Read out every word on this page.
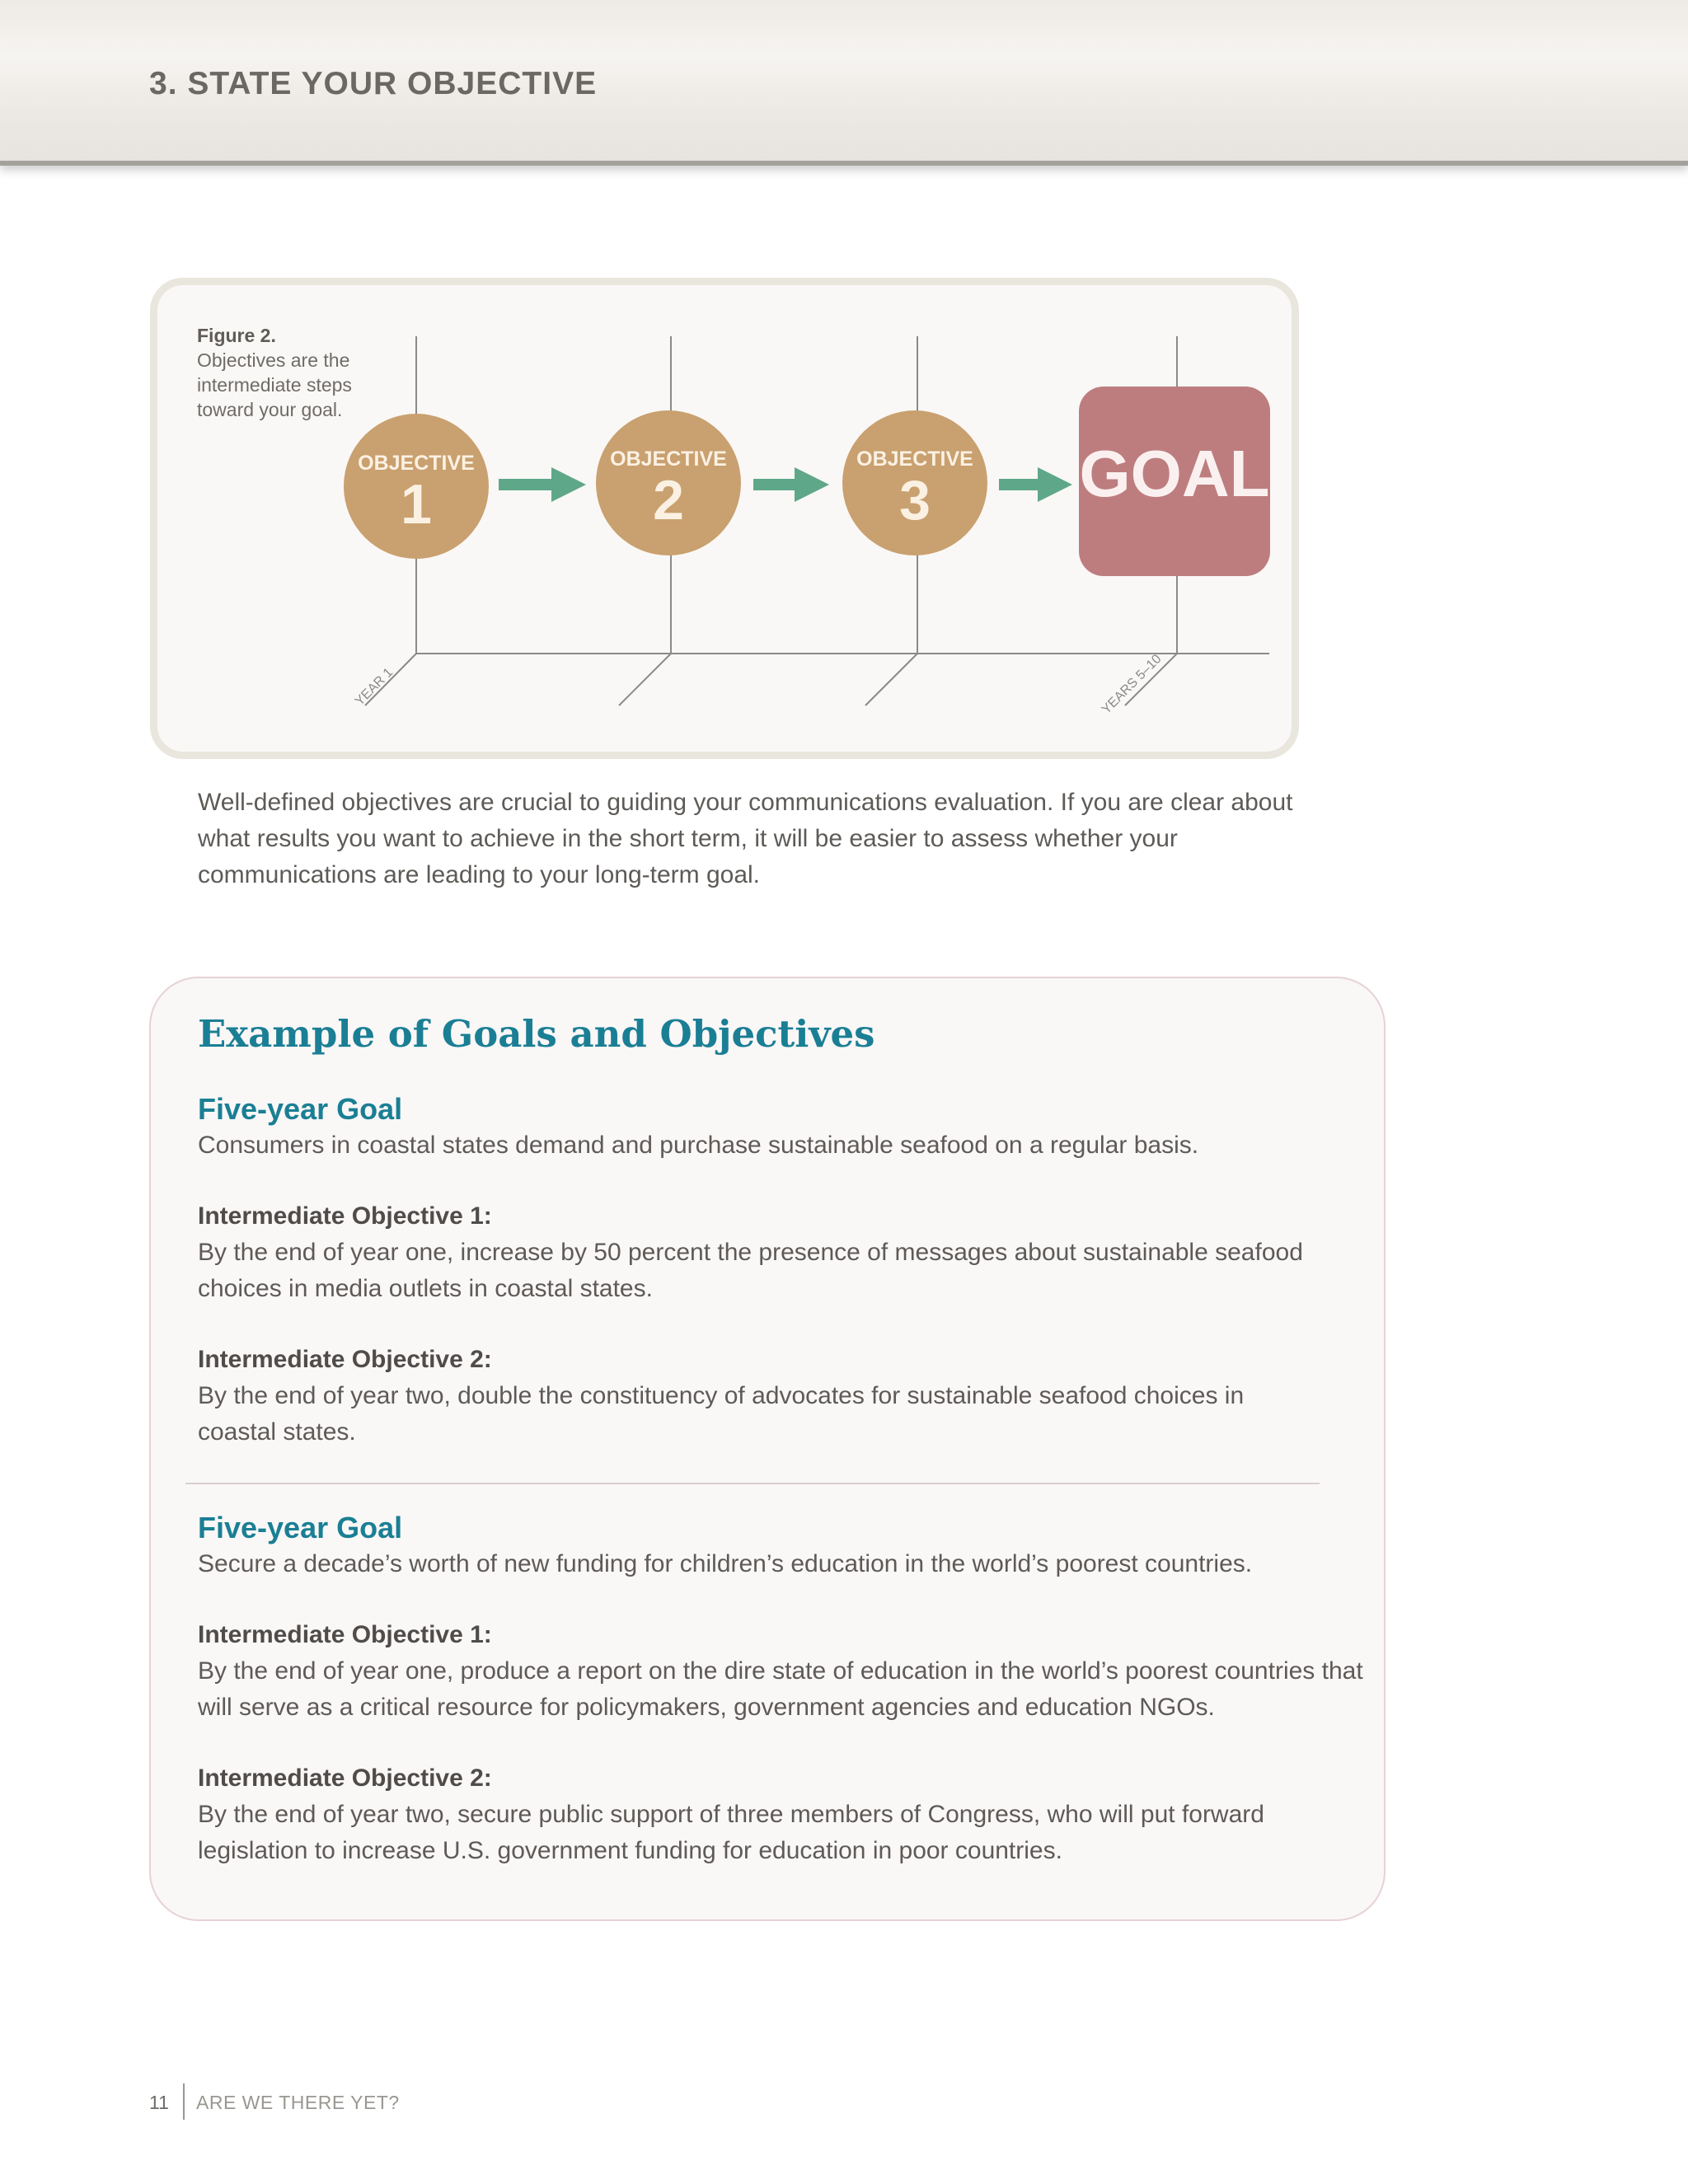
3. STATE YOUR OBJECTIVE
Figure 2.
Objectives are the intermediate steps toward your goal.
YEAR 1	YEARS 5–10
OBJECTIVE
1
OBJECTIVE
2
OBJECTIVE
3 GOAL
Well-defined objectives are crucial to guiding your communications evaluation. If you are clear about what results you want to achieve in the short term, it will be easier to assess whether your communications are leading to your long-term goal.
Example of Goals and Objectives
Five-year Goal
Consumers in coastal states demand and purchase sustainable seafood on a regular basis.
Intermediate Objective 1:
By the end of year one, increase by 50 percent the presence of messages about sustainable seafood choices in media outlets in coastal states.
Intermediate Objective 2:
By the end of year two, double the constituency of advocates for sustainable seafood choices in coastal states.
Five-year Goal
Secure a decade’s worth of new funding for children’s education in the world’s poorest countries.
Intermediate Objective 1:
By the end of year one, produce a report on the dire state of education in the world’s poorest countries that will serve as a critical resource for policymakers, government agencies and education NGOs.
Intermediate Objective 2:
By the end of year two, secure public support of three members of Congress, who will put forward legislation to increase U.S. government funding for education in poor countries.
11 ARE WE THERE YET?
